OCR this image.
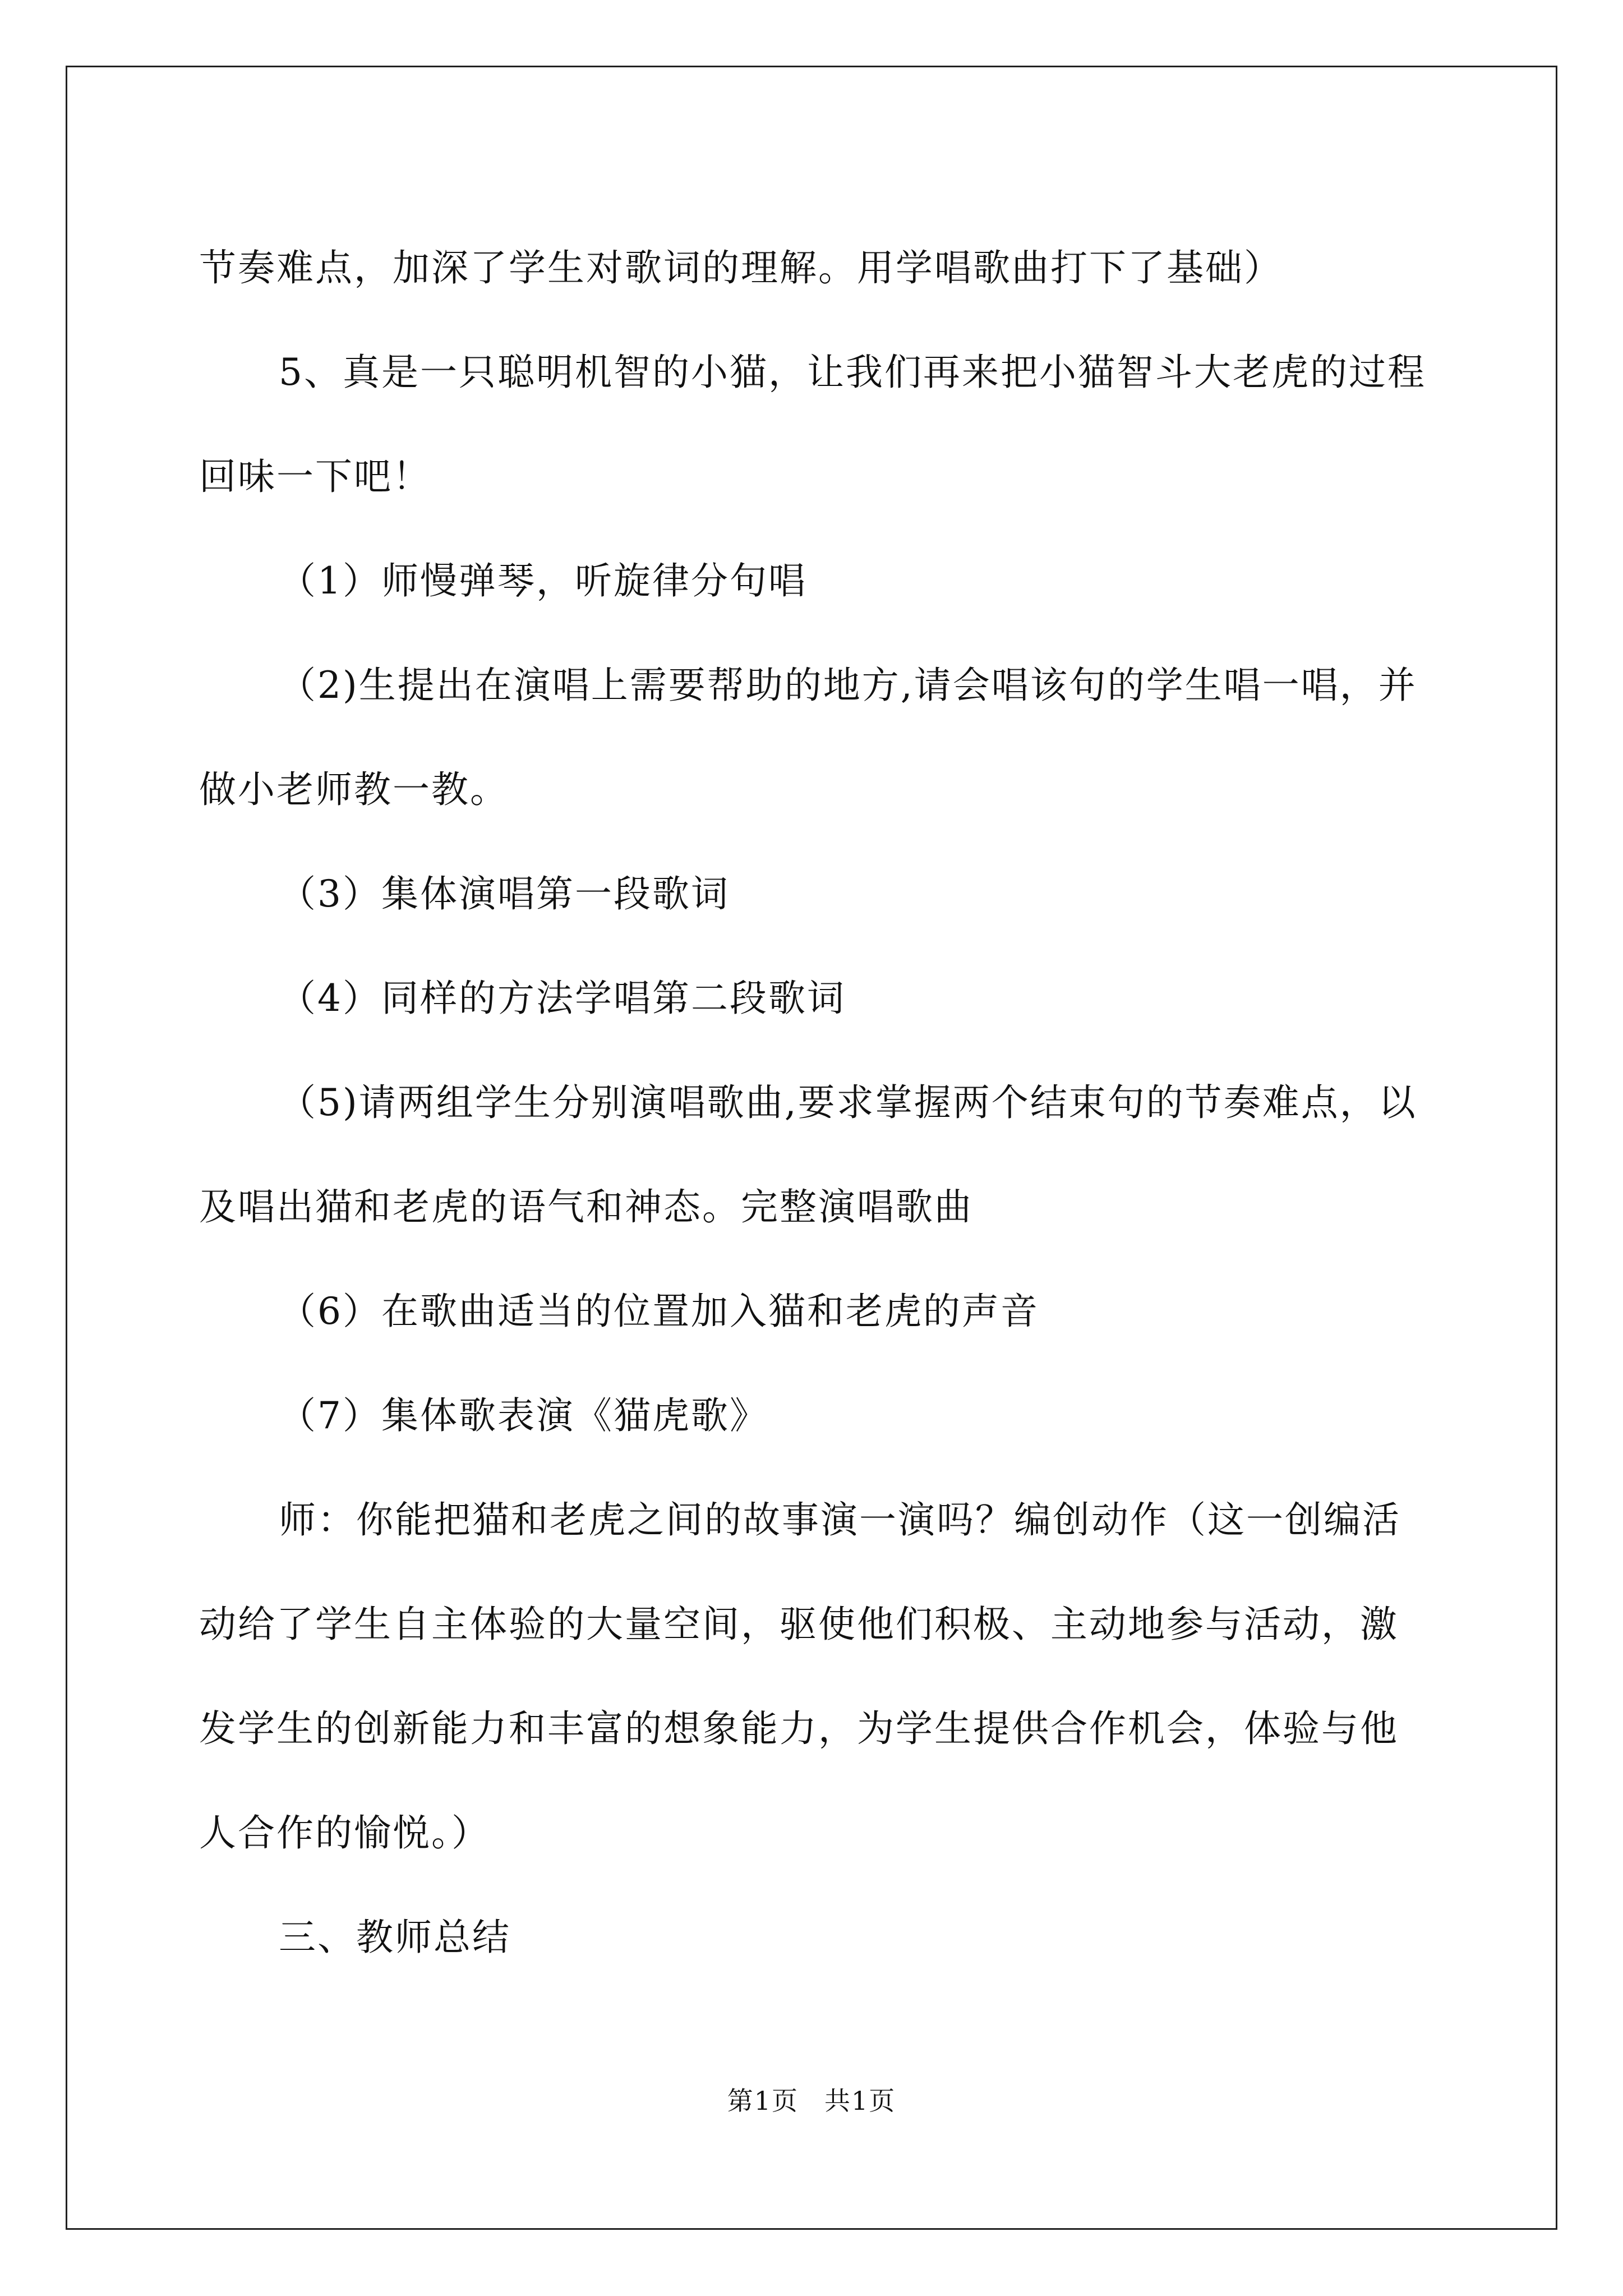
节奏难点，加深了学生对歌词的理解。用学唱歌曲打下了基础）

5、真是一只聪明机智的小猫，让我们再来把小猫智斗大老虎的过程回味一下吧！

（1）师慢弹琴，听旋律分句唱

（2)生提出在演唱上需要帮助的地方,请会唱该句的学生唱一唱，并做小老师教一教。

（3）集体演唱第一段歌词

（4）同样的方法学唱第二段歌词

（5)请两组学生分别演唱歌曲,要求掌握两个结束句的节奏难点，以及唱出猫和老虎的语气和神态。完整演唱歌曲

（6）在歌曲适当的位置加入猫和老虎的声音

（7）集体歌表演《猫虎歌》

师：你能把猫和老虎之间的故事演一演吗？编创动作（这一创编活动给了学生自主体验的大量空间，驱使他们积极、主动地参与活动，激发学生的创新能力和丰富的想象能力，为学生提供合作机会，体验与他人合作的愉悦。）

三、教师总结

第1页 共1页
